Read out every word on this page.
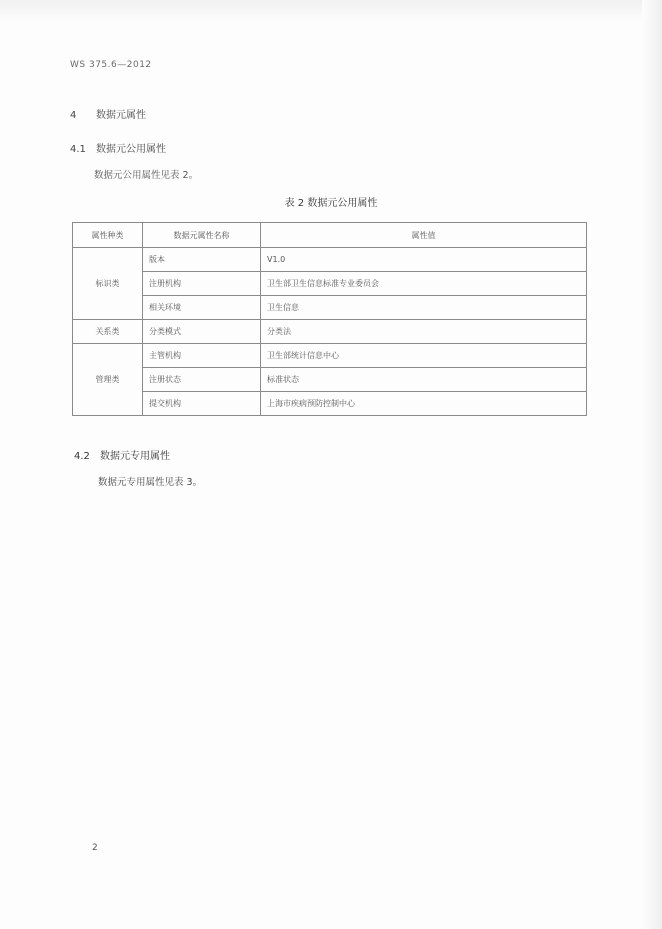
WS 375.6—2012
4 数据元属性
4.1 数据元公用属性
数据元公用属性见表 2。
表 2 数据元公用属性
属性种类	数据元属性名称	属性值
标识类	版本	V1.0
	注册机构	卫生部卫生信息标准专业委员会
	相关环境	卫生信息
关系类	分类模式	分类法
管理类	主管机构	卫生部统计信息中心
	注册状态	标准状态
	提交机构	上海市疾病预防控制中心
4.2 数据元专用属性
数据元专用属性见表 3。
2
